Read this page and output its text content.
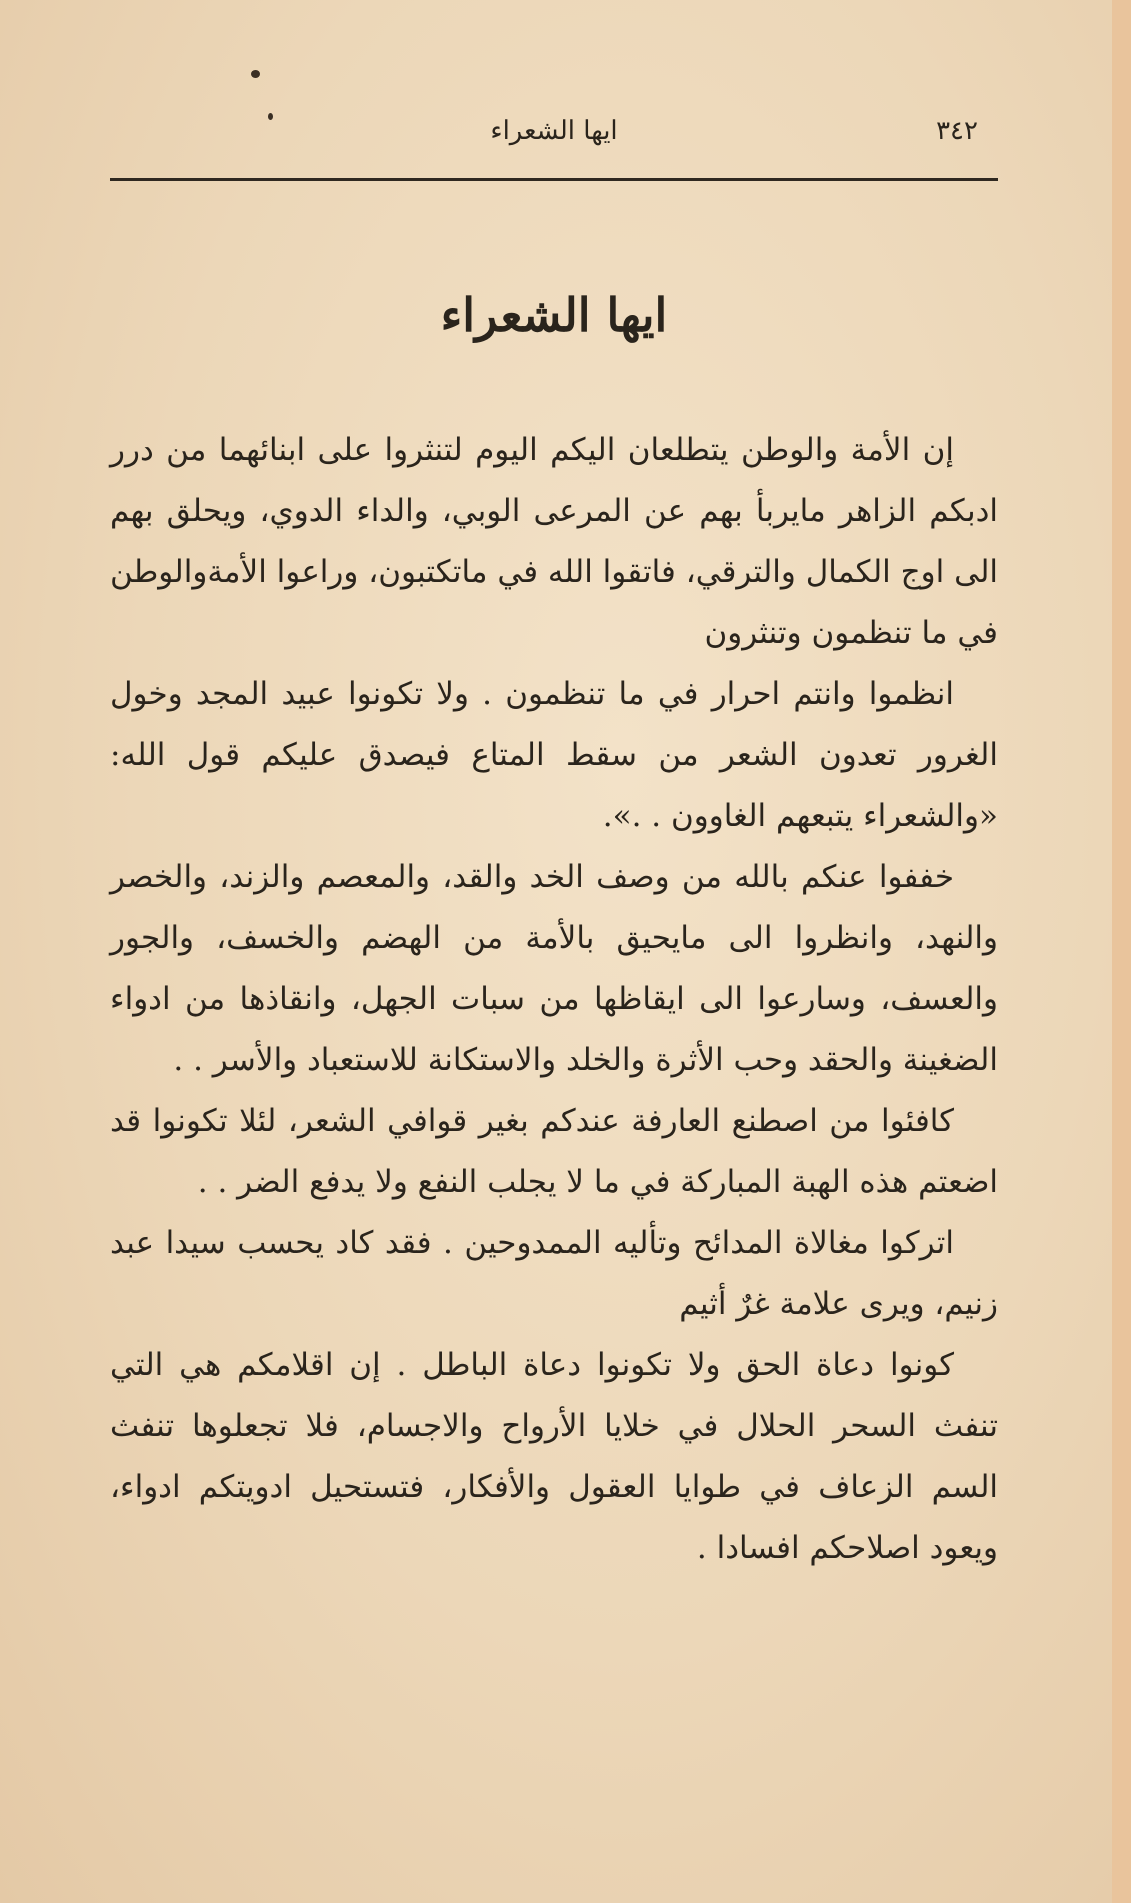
٣٤٢
ايها الشعراء
ايها الشعراء

إن الأمة والوطن يتطلعان اليكم اليوم لتنثروا على ابنائهما من درر ادبكم الزاهر مايربأ بهم عن المرعى الوبي، والداء الدوي، ويحلق بهم الى اوج الكمال والترقي، فاتقوا الله في ماتكتبون، وراعوا الأمةوالوطن في ما تنظمون وتنثرون

انظموا وانتم احرار في ما تنظمون . ولا تكونوا عبيد المجد وخول الغرور تعدون الشعر من سقط المتاع فيصدق عليكم قول الله: «والشعراء يتبعهم الغاوون . .».

خففوا عنكم بالله من وصف الخد والقد، والمعصم والزند، والخصر والنهد، وانظروا الى مايحيق بالأمة من الهضم والخسف، والجور والعسف، وسارعوا الى ايقاظها من سبات الجهل، وانقاذها من ادواء الضغينة والحقد وحب الأثرة والخلد والاستكانة للاستعباد والأسر . .

كافئوا من اصطنع العارفة عندكم بغير قوافي الشعر، لئلا تكونوا قد اضعتم هذه الهبة المباركة في ما لا يجلب النفع ولا يدفع الضر . .

اتركوا مغالاة المدائح وتأليه الممدوحين . فقد كاد يحسب سيدا عبد زنيم، ويرى علامة غرٌ أثيم

كونوا دعاة الحق ولا تكونوا دعاة الباطل . إن اقلامكم هي التي تنفث السحر الحلال في خلايا الأرواح والاجسام، فلا تجعلوها تنفث السم الزعاف في طوايا العقول والأفكار، فتستحيل ادويتكم ادواء، ويعود اصلاحكم افسادا .
